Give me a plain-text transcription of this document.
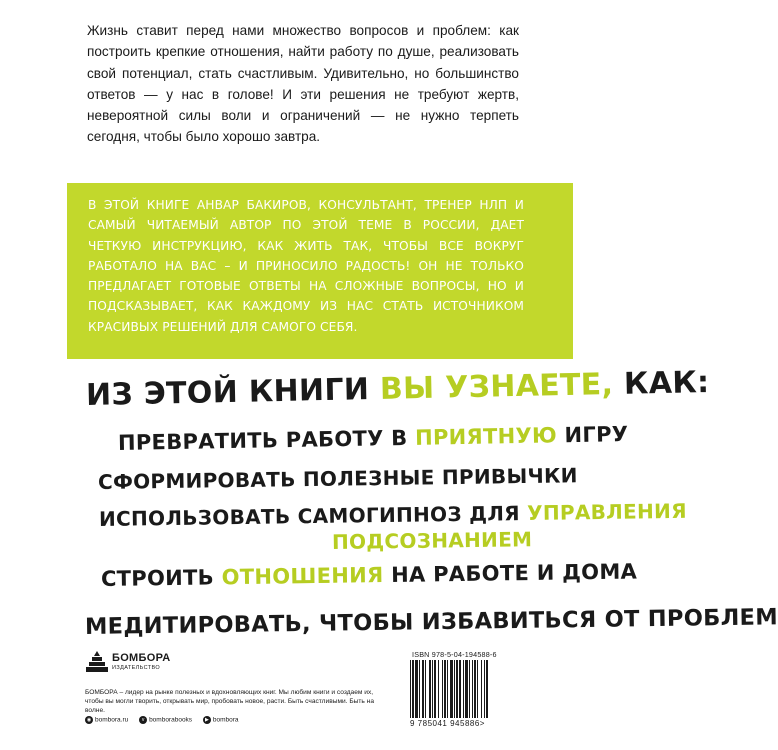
Жизнь ставит перед нами множество вопросов и проблем: как построить крепкие отношения, найти работу по душе, реализовать свой потенциал, стать счастливым. Удивительно, но большинство ответов — у нас в голове! И эти решения не требуют жертв, невероятной силы воли и ограничений — не нужно терпеть сегодня, чтобы было хорошо завтра.

В ЭТОЙ КНИГЕ АНВАР БАКИРОВ, КОНСУЛЬТАНТ, ТРЕНЕР НЛП И САМЫЙ ЧИТАЕМЫЙ АВТОР ПО ЭТОЙ ТЕМЕ В РОССИИ, ДАЕТ ЧЕТКУЮ ИНСТРУКЦИЮ, КАК ЖИТЬ ТАК, ЧТОБЫ ВСЕ ВОКРУГ РАБОТАЛО НА ВАС – И ПРИНОСИЛО РАДОСТЬ! ОН НЕ ТОЛЬКО ПРЕДЛАГАЕТ ГОТОВЫЕ ОТВЕТЫ НА СЛОЖНЫЕ ВОПРОСЫ, НО И ПОДСКАЗЫВАЕТ, КАК КАЖДОМУ ИЗ НАС СТАТЬ ИСТОЧНИКОМ КРАСИВЫХ РЕШЕНИЙ ДЛЯ САМОГО СЕБЯ.

ИЗ ЭТОЙ КНИГИ ВЫ УЗНАЕТЕ, КАК:
ПРЕВРАТИТЬ РАБОТУ В ПРИЯТНУЮ ИГРУ
СФОРМИРОВАТЬ ПОЛЕЗНЫЕ ПРИВЫЧКИ
ИСПОЛЬЗОВАТЬ САМОГИПНОЗ ДЛЯ УПРАВЛЕНИЯ
ПОДСОЗНАНИЕМ
СТРОИТЬ ОТНОШЕНИЯ НА РАБОТЕ И ДОМА
МЕДИТИРОВАТЬ, ЧТОБЫ ИЗБАВИТЬСЯ ОТ ПРОБЛЕМ
БОМБОРА
ИЗДАТЕЛЬСТВО

БОМБОРА – лидер на рынке полезных и вдохновляющих книг. Мы любим книги и создаем их, чтобы вы могли творить, открывать мир, пробовать новое, расти. Быть счастливыми. Быть на волне.

◉ bombora.ru	v bomborabooks	▶ bombora
ISBN 978-5-04-194588-6
9 785041 945886>
